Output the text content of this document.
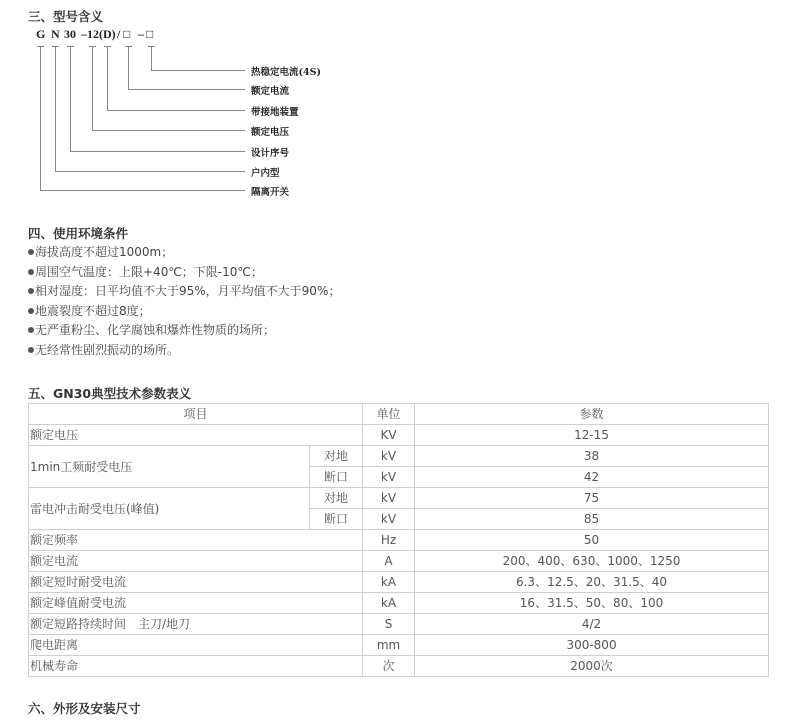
三、型号含义
G N 30 –12 (D) / □ – □
热稳定电流(4S)
额定电流
带接地装置
额定电压
设计序号
户内型
隔离开关
四、使用环境条件
海拔高度不超过1000m；
周围空气温度：上限+40℃；下限-10℃；
相对湿度：日平均值不大于95%，月平均值不大于90%；
地震裂度不超过8度；
无严重粉尘、化学腐蚀和爆炸性物质的场所；
无经常性剧烈振动的场所。
五、GN30典型技术参数表义
项目		单位	参数
额定电压		KV	12-15
1min工频耐受电压	对地	kV	38
	断口	kV	42
雷电冲击耐受电压(峰值)	对地	kV	75
	断口	kV	85
额定频率		Hz	50
额定电流		A	200、400、630、1000、1250
额定短时耐受电流		kA	6.3、12.5、20、31.5、40
额定峰值耐受电流		kA	16、31.5、50、80、100
额定短路持续时间　主刀/地刀		S	4/2
爬电距离		mm	300-800
机械寿命		次	2000次
六、外形及安装尺寸
